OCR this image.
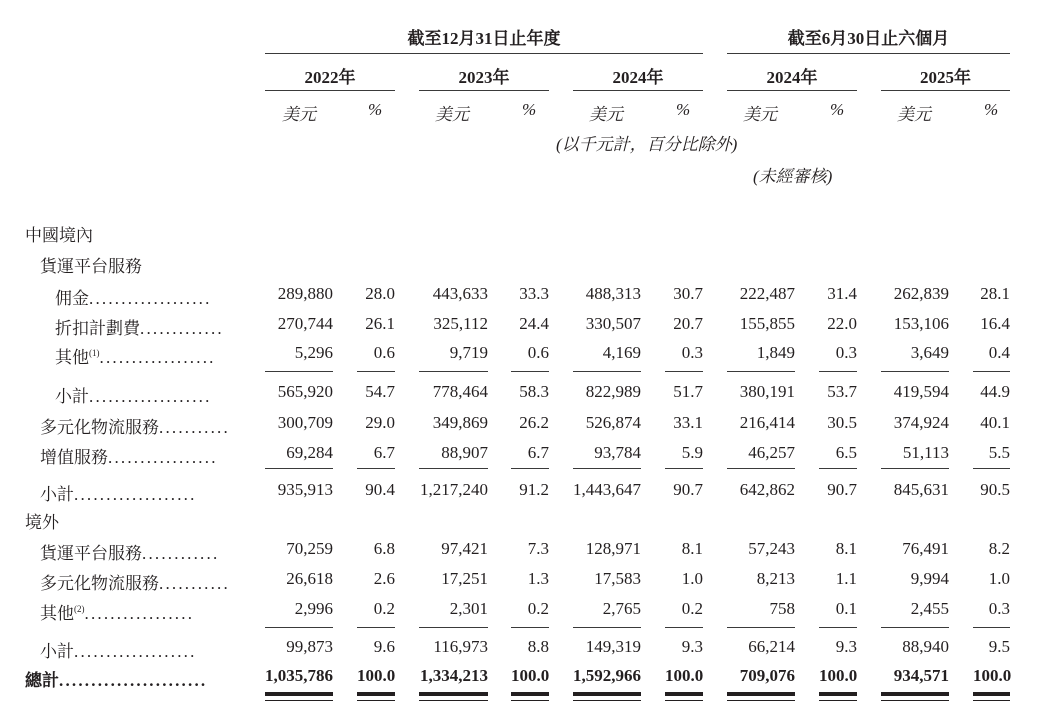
截至12月31日止年度	截至6月30日止六個月
2022年	2023年	2024年	2024年	2025年
美元	%	美元	%	美元	%	美元	%	美元	%
(以千元計，百分比除外)
(未經審核)
中國境內
貨運平台服務
境外
佣金...................	289,880	28.0	443,633	33.3	488,313	30.7	222,487	31.4	262,839	28.1
折扣計劃費.............	270,744	26.1	325,112	24.4	330,507	20.7	155,855	22.0	153,106	16.4
其他$^{(1)}$..................	5,296	0.6	9,719	0.6	4,169	0.3	1,849	0.3	3,649	0.4
小計...................	565,920	54.7	778,464	58.3	822,989	51.7	380,191	53.7	419,594	44.9
多元化物流服務...........	300,709	29.0	349,869	26.2	526,874	33.1	216,414	30.5	374,924	40.1
增值服務.................	69,284	6.7	88,907	6.7	93,784	5.9	46,257	6.5	51,113	5.5
小計...................	935,913	90.4 1,217,240	91.2 1,443,647	90.7	642,862	90.7	845,631	90.5
貨運平台服務............	70,259	6.8	97,421	7.3	128,971	8.1	57,243	8.1	76,491	8.2
多元化物流服務...........	26,618	2.6	17,251	1.3	17,583	1.0	8,213	1.1	9,994	1.0
其他$^{(2)}$.................	2,996	0.2	2,301	0.2	2,765	0.2	758	0.1	2,455	0.3
小計...................	99,873	9.6	116,973	8.8	149,319	9.3	66,214	9.3	88,940	9.5
總計.......................	1,035,786 100.0 1,334,213 100.0 1,592,966 100.0	709,076 100.0	934,571 100.0
